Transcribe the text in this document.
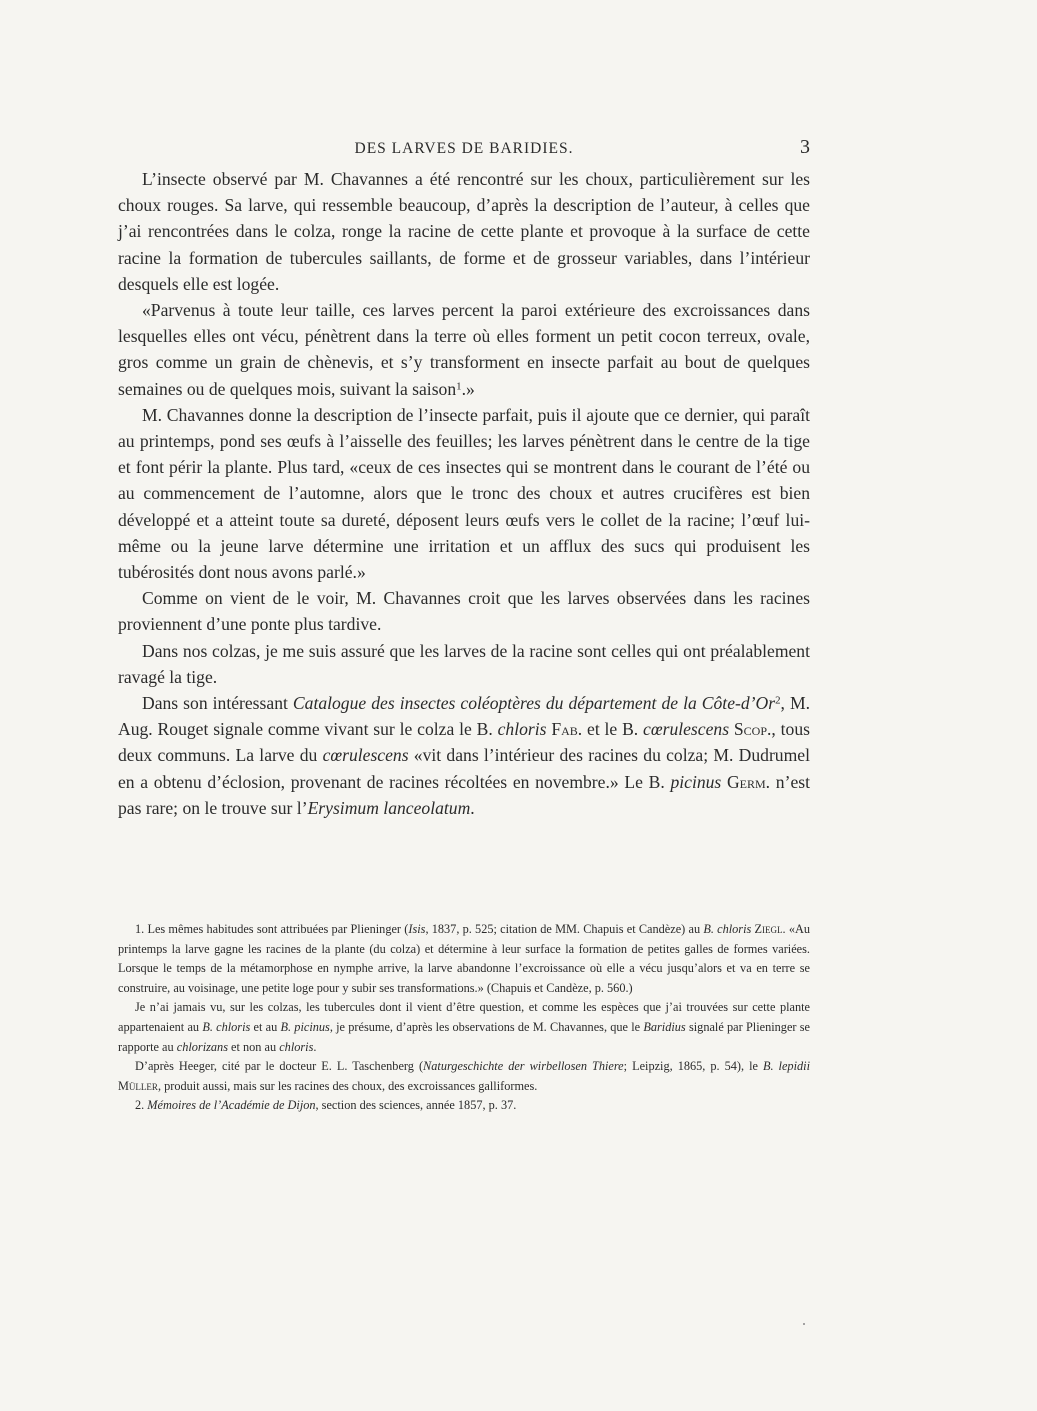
DES LARVES DE BARIDIES.	3

L’insecte observé par M. Chavannes a été rencontré sur les choux, particulièrement sur les choux rouges. Sa larve, qui ressemble beaucoup, d’après la description de l’auteur, à celles que j’ai rencontrées dans le colza, ronge la racine de cette plante et provoque à la surface de cette racine la formation de tubercules saillants, de forme et de grosseur variables, dans l’intérieur desquels elle est logée.

«Parvenus à toute leur taille, ces larves percent la paroi extérieure des excroissances dans lesquelles elles ont vécu, pénètrent dans la terre où elles forment un petit cocon terreux, ovale, gros comme un grain de chènevis, et s’y transforment en insecte parfait au bout de quelques semaines ou de quelques mois, suivant la saison$^1$.»

M. Chavannes donne la description de l’insecte parfait, puis il ajoute que ce dernier, qui paraît au printemps, pond ses œufs à l’aisselle des feuilles; les larves pénètrent dans le centre de la tige et font périr la plante. Plus tard, «ceux de ces insectes qui se montrent dans le courant de l’été ou au commencement de l’automne, alors que le tronc des choux et autres crucifères est bien développé et a atteint toute sa dureté, déposent leurs œufs vers le collet de la racine; l’œuf lui-même ou la jeune larve détermine une irritation et un afflux des sucs qui produisent les tubérosités dont nous avons parlé.»

Comme on vient de le voir, M. Chavannes croit que les larves observées dans les racines proviennent d’une ponte plus tardive.

Dans nos colzas, je me suis assuré que les larves de la racine sont celles qui ont préalablement ravagé la tige.

Dans son intéressant Catalogue des insectes coléoptères du département de la Côte-d’Or$^2$, M. Aug. Rouget signale comme vivant sur le colza le B. chloris Fab. et le B. cœrulescens Scop., tous deux communs. La larve du cœrulescens «vit dans l’intérieur des racines du colza; M. Dudrumel en a obtenu d’éclosion, provenant de racines récoltées en novembre.» Le B. picinus Germ. n’est pas rare; on le trouve sur l’Erysimum lanceolatum.

1. Les mêmes habitudes sont attribuées par Plieninger (Isis, 1837, p. 525; citation de MM. Chapuis et Candèze) au B. chloris Ziegl. «Au printemps la larve gagne les racines de la plante (du colza) et détermine à leur surface la formation de petites galles de formes variées. Lorsque le temps de la métamorphose en nymphe arrive, la larve abandonne l’excroissance où elle a vécu jusqu’alors et va en terre se construire, au voisinage, une petite loge pour y subir ses transformations.» (Chapuis et Candèze, p. 560.)

Je n’ai jamais vu, sur les colzas, les tubercules dont il vient d’être question, et comme les espèces que j’ai trouvées sur cette plante appartenaient au B. chloris et au B. picinus, je présume, d’après les observations de M. Chavannes, que le Baridius signalé par Plieninger se rapporte au chlorizans et non au chloris.

D’après Heeger, cité par le docteur E. L. Taschenberg (Naturgeschichte der wirbellosen Thiere; Leipzig, 1865, p. 54), le B. lepidii Müller, produit aussi, mais sur les racines des choux, des excroissances galliformes.

2. Mémoires de l’Académie de Dijon, section des sciences, année 1857, p. 37.
